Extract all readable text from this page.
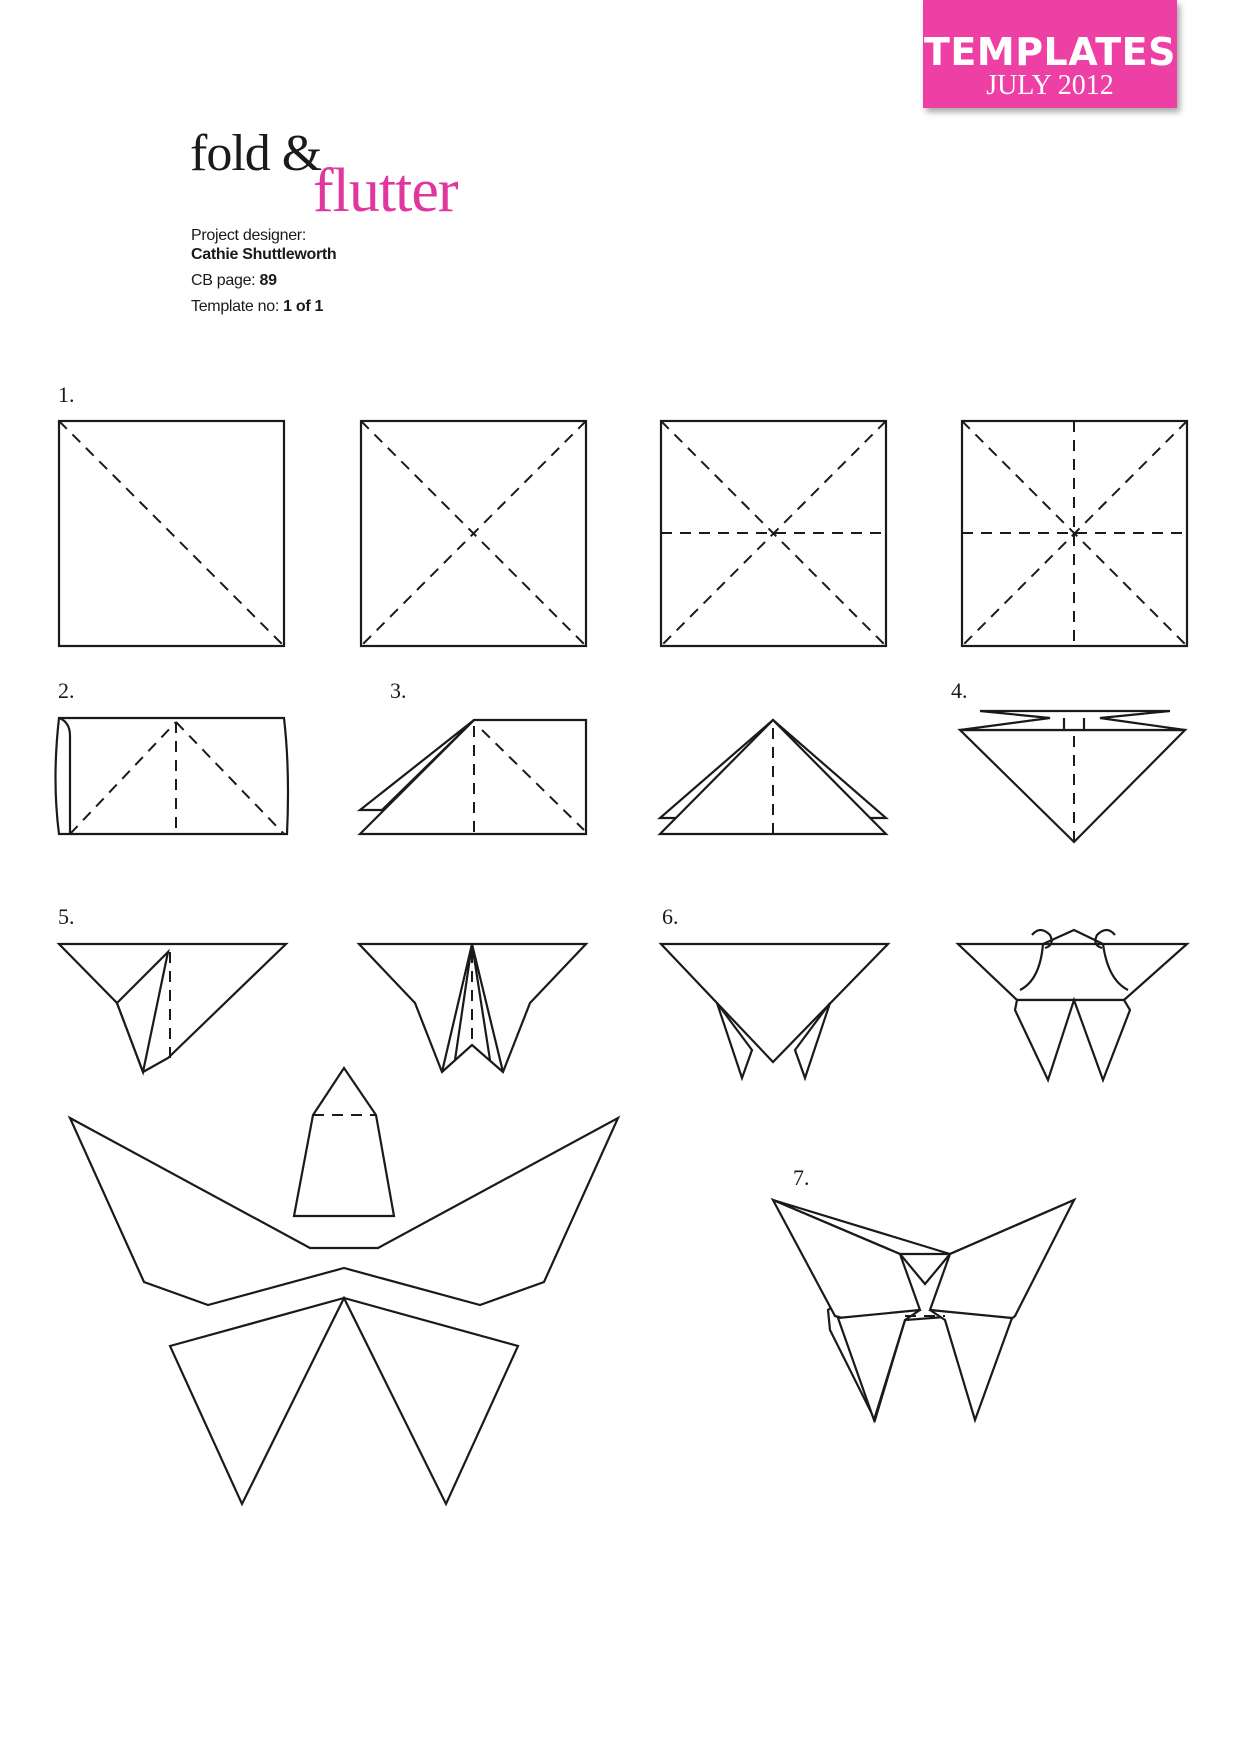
TEMPLATES
JULY 2012
fold &
flutter
Project designer:
Cathie Shuttleworth
CB page: 89
Template no: 1 of 1
1.
2.	3.	4.
5.	6.
7.
